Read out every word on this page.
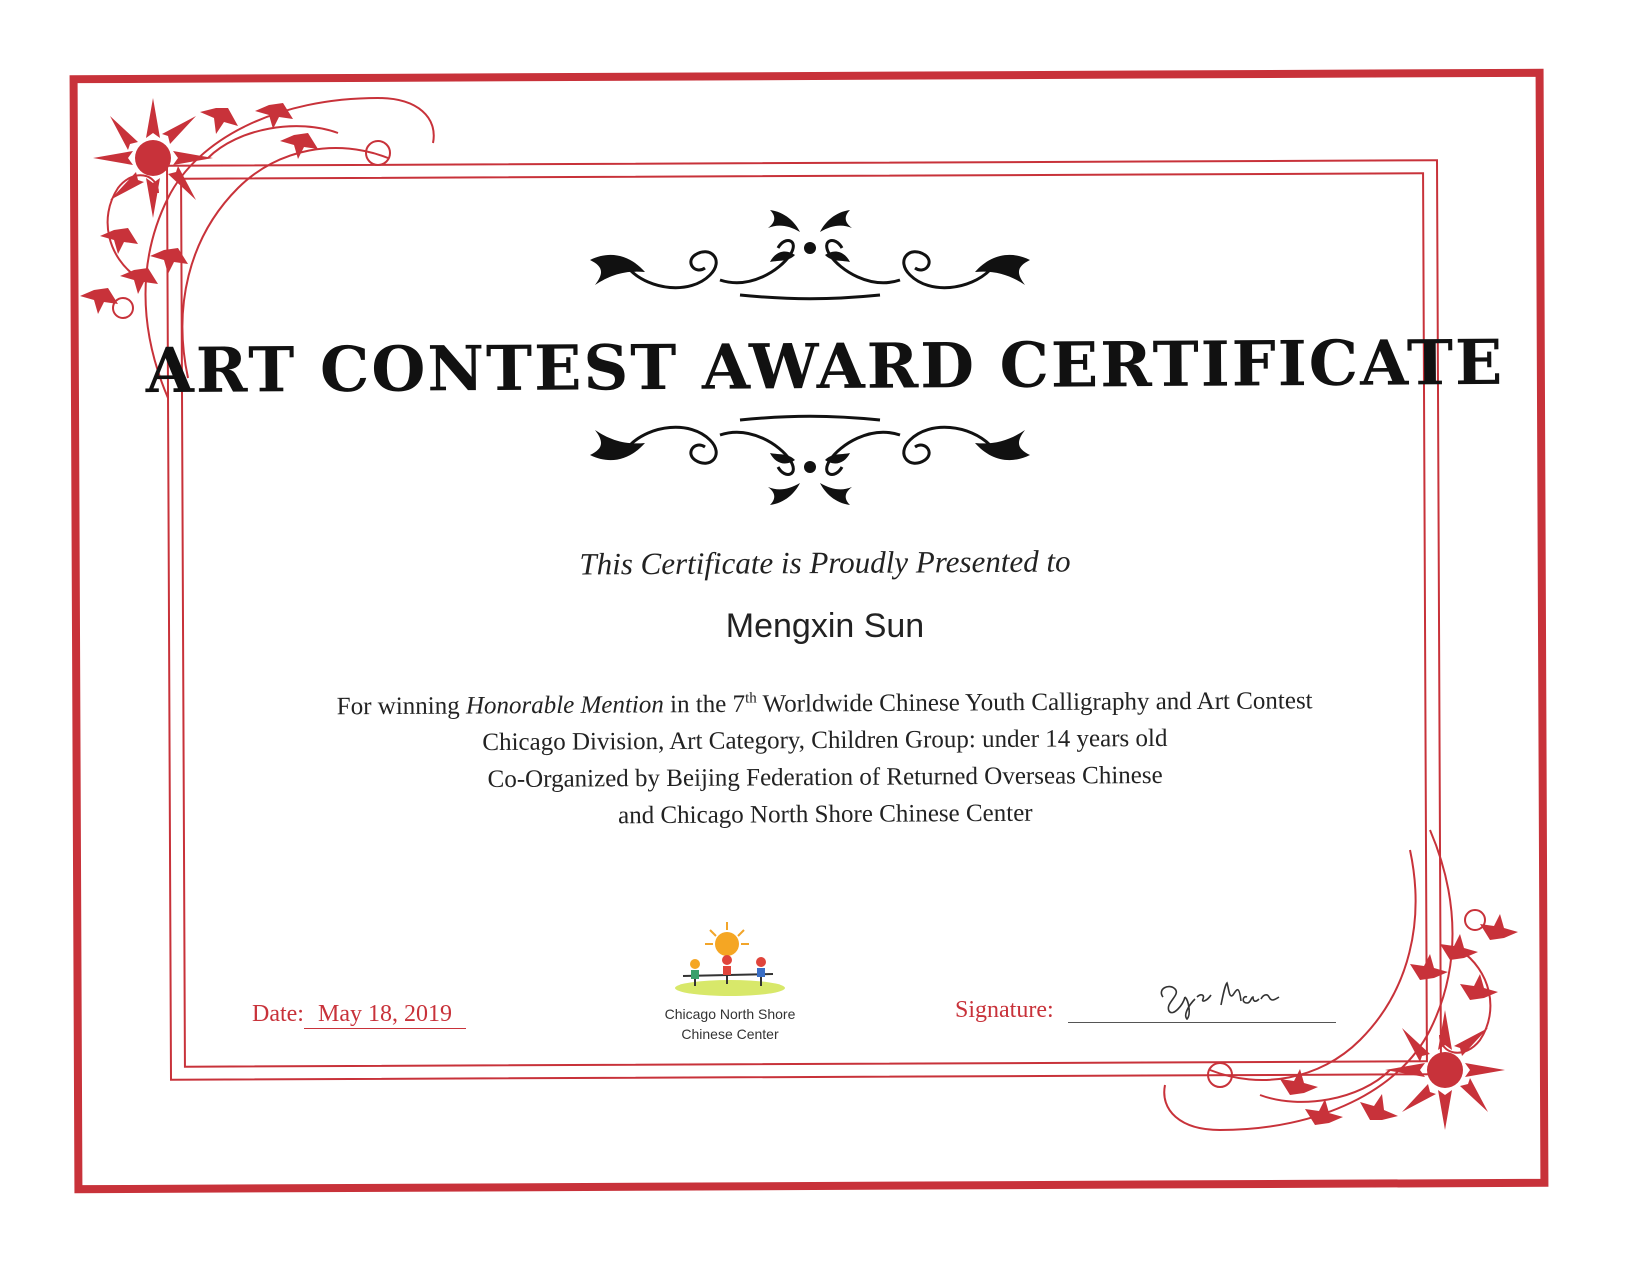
ART CONTEST AWARD CERTIFICATE
This Certificate is Proudly Presented to
Mengxin Sun
For winning Honorable Mention in the 7th Worldwide Chinese Youth Calligraphy and Art Contest
Chicago Division, Art Category, Children Group: under 14 years old
Co-Organized by Beijing Federation of Returned Overseas Chinese
and Chicago North Shore Chinese Center
Chicago North Shore
Chinese Center
Date: May 18, 2019	Signature:
